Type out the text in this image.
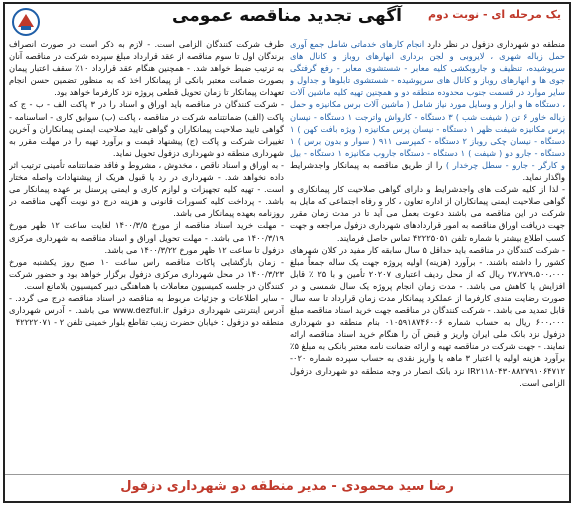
یک مرحله ای - نوبت دوم
آگهی تجدید مناقصه عمومی

منطقه دو شهرداری دزفول در نظر دارد انجام کارهای خدماتی شامل جمع آوری حمل زباله شهری ، لایروبی و لجن برداری انهارهای روباز و کانال های سرپوشیده، تنظیف و جاروبکشی کلیه معابر - شستشوی معابر - رفع گرفتگی جوی ها و انهارهای روباز و کانال های سرپوشیده - شستشوی تابلوها و جداول و سایر موارد در قسمت جنوب محدوده منطقه دو و همچنین تهیه کلیه ماشین آلات ، دستگاه ها و ابزار و وسایل مورد نیاز شامل ( ماشین آلات برس مکانیزه و حمل زباله خاور ۶ تن ( شیفت شب ) ۳ دستگاه - کارواش واترجت ۱ دستگاه - نیسان پرس مکانیزه شیفت ظهر ۱ دستگاه - نیسان پرس مکانیزه ( ویژه بافت کهن ) ۱ دستگاه - نیسان چکی روباز ۲ دستگاه - کمپرسی ۹۱۱ ( سوار و بدون برس ) ۱ دستگاه - جارو دو ( شیفت ) ۱ دستگاه - دستگاه جاروب مکانیزه ۱ دستگاه - بیل و کارگر - جارو - سطل چرخدار ) را از طریق مناقصه به پیمانکار واجدشرایط واگذار نماید.

- لذا از کلیه شرکت های واجدشرایط و دارای گواهی صلاحیت کار پیمانکاری و گواهی صلاحیت ایمنی پیمانکاران از اداره تعاون ، کار و رفاه اجتماعی که مایل به شرکت در این مناقصه می باشند دعوت بعمل می آید تا در مدت زمان مقرر جهت دریافت اوراق مناقصه به امور قراردادهای شهرداری دزفول مراجعه و جهت کسب اطلاع بیشتر با شماره تلفن ۴۲۲۲۵۰۵۱ تماس حاصل فرمایند.

- شرکت کنندگان در مناقصه باید حداقل ۵ سال سابقه کار مفید در کلان شهرهای کشور را داشته باشند. - برآورد (هزینه) اولیه پروژه جهت یک ساله جمعاً مبلغ ۲۷،۲۷۹،۵۰۰،۰۰۰ ریال که از محل ردیف اعتباری ۲۰۲۰۷ تأمین و با ۲۵ ٪ قابل افزایش یا کاهش می باشد. - مدت زمان انجام پروژه یک سال شمسی و در صورت رضایت مندی کارفرما از عملکرد پیمانکار مدت زمان قرارداد تا سه سال قابل تمدید می باشد. - شرکت کنندگان در مناقصه جهت خرید اسناد مناقصه مبلغ ۶۰۰،۰۰۰ ریال به حساب شماره ۰۱۰۵۹۱۸۷۴۶۰۰۶ بنام منطقه دو شهرداری دزفول نزد بانک ملی ایران واریز و قبض آن را هنگام خرید اسناد مناقصه ارائه نمایند. - جهت شرکت در مناقصه تهیه و ارائه ضمانت نامه معتبر بانکی به مبلغ ۵٪ برآورد هزینه اولیه یا اعتبار ۳ ماهه یا واریز نقدی به حساب سپرده شماره ۰۲۰-IR۲۱۱۸۰۴۳۰۸۸۲۷۹۱۰۶۴۷۱۲ نزد بانک انصار در وجه منطقه دو شهرداری دزفول الزامی است.

طرف شرکت کنندگان الزامی است. - لازم به ذکر است در صورت انصراف برندگان اول تا سوم مناقصه از عقد قرارداد مبلغ سپرده شرکت در مناقصه آنان به ترتیب ضبط خواهد شد. - همچنین هنگام عقد قرارداد ۱۰٪ سقف اعتبار پیمان بصورت ضمانت معتبر بانکی از پیمانکار اخذ که به منظور تضمین حسن انجام تعهدات پیمانکار تا زمان تحویل قطعی پروژه نزد کارفرما خواهد بود.

- شرکت کنندگان در مناقصه باید اوراق و اسناد را در ۳ پاکت الف - ب - ج که پاکت (الف) ضمانتنامه شرکت در مناقصه ، پاکت (ب) سوابق کاری - اساسنامه - گواهی تایید صلاحیت پیمانکاران و گواهی تایید صلاحیت ایمنی پیمانکاران و آخرین تغییرات شرکت و پاکت (ج) پیشنهاد قیمت و برآورد تهیه را در مهلت مقرر به شهرداری منطقه دو شهرداری دزفول تحویل نماید.

- به اوراق و اسناد ناقص ، مخدوش ، مشروط و فاقد ضمانتنامه تأمینی ترتیب اثر داده نخواهد شد. - شهرداری در رد یا قبول هریک از پیشنهادات واصله مختار است. - تهیه کلیه تجهیزات و لوازم کاری و ایمنی پرسنل بر عهده پیمانکار می باشد. - پرداخت کلیه کسورات قانونی و هزینه درج دو نوبت آگهی مناقصه در روزنامه بعهده پیمانکار می باشد.

- مهلت خرید اسناد مناقصه از مورخ ۱۴۰۰/۳/۵ لغایت ساعت ۱۲ ظهر مورخ ۱۴۰۰/۳/۱۹ می باشد. - مهلت تحویل اوراق و اسناد مناقصه به شهرداری مرکزی دزفول تا ساعت ۱۲ ظهر مورخ ۱۴۰۰/۳/۲۲ می باشد.

- زمان بازگشایی پاکات مناقصه راس ساعت ۱۰ صبح روز یکشنبه مورخ ۱۴۰۰/۳/۲۳ در محل شهرداری مرکزی دزفول برگزار خواهد بود و حضور شرکت کنندگان در جلسه کمیسیون معاملات با هماهنگی دبیر کمیسیون بلامانع است.

- سایر اطلاعات و جزئیات مربوط به مناقصه در اسناد مناقصه درج می گردد. - آدرس اینترنتی شهرداری دزفول www.dezful.ir می باشد. - آدرس شهرداری منطقه دو دزفول : خیابان حضرت زینب تقاطع بلوار خمینی تلفن ۲ - ۴۲۲۲۲۰۷۱

رضا سید محمودی - مدیر منطقه دو شهرداری دزفول
